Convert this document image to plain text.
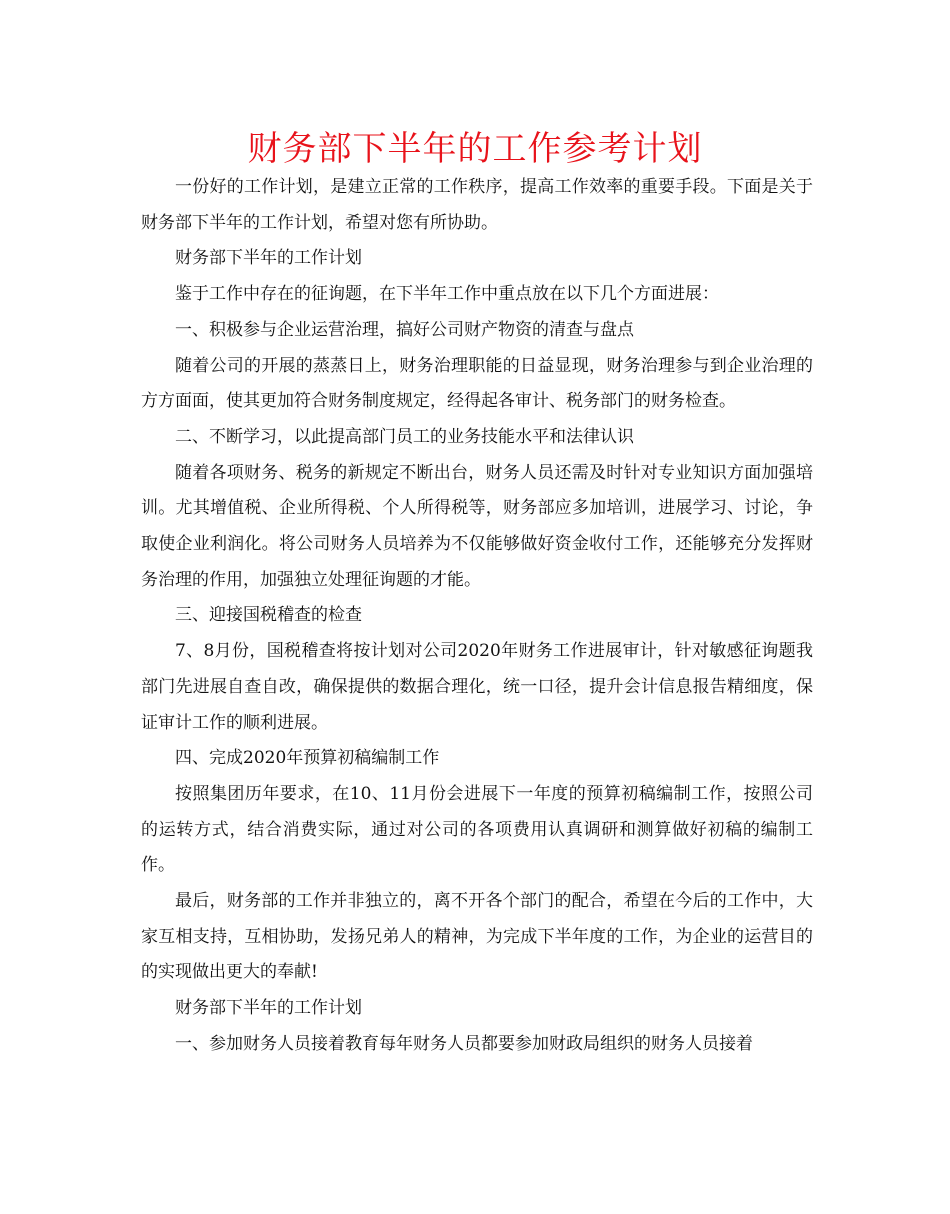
财务部下半年的工作参考计划

一份好的工作计划，是建立正常的工作秩序，提高工作效率的重要手段。下面是关于财务部下半年的工作计划，希望对您有所协助。

财务部下半年的工作计划

鉴于工作中存在的征询题，在下半年工作中重点放在以下几个方面进展：

一、积极参与企业运营治理，搞好公司财产物资的清查与盘点

随着公司的开展的蒸蒸日上，财务治理职能的日益显现，财务治理参与到企业治理的方方面面，使其更加符合财务制度规定，经得起各审计、税务部门的财务检查。

二、不断学习，以此提高部门员工的业务技能水平和法律认识

随着各项财务、税务的新规定不断出台，财务人员还需及时针对专业知识方面加强培训。尤其增值税、企业所得税、个人所得税等，财务部应多加培训，进展学习、讨论，争取使企业利润化。将公司财务人员培养为不仅能够做好资金收付工作，还能够充分发挥财务治理的作用，加强独立处理征询题的才能。

三、迎接国税稽查的检查

7、8月份，国税稽查将按计划对公司2020年财务工作进展审计，针对敏感征询题我部门先进展自查自改，确保提供的数据合理化，统一口径，提升会计信息报告精细度，保证审计工作的顺利进展。

四、完成2020年预算初稿编制工作

按照集团历年要求，在10、11月份会进展下一年度的预算初稿编制工作，按照公司的运转方式，结合消费实际，通过对公司的各项费用认真调研和测算做好初稿的编制工作。

最后，财务部的工作并非独立的，离不开各个部门的配合，希望在今后的工作中，大家互相支持，互相协助，发扬兄弟人的精神，为完成下半年度的工作，为企业的运营目的的实现做出更大的奉献!

财务部下半年的工作计划

一、参加财务人员接着教育每年财务人员都要参加财政局组织的财务人员接着
